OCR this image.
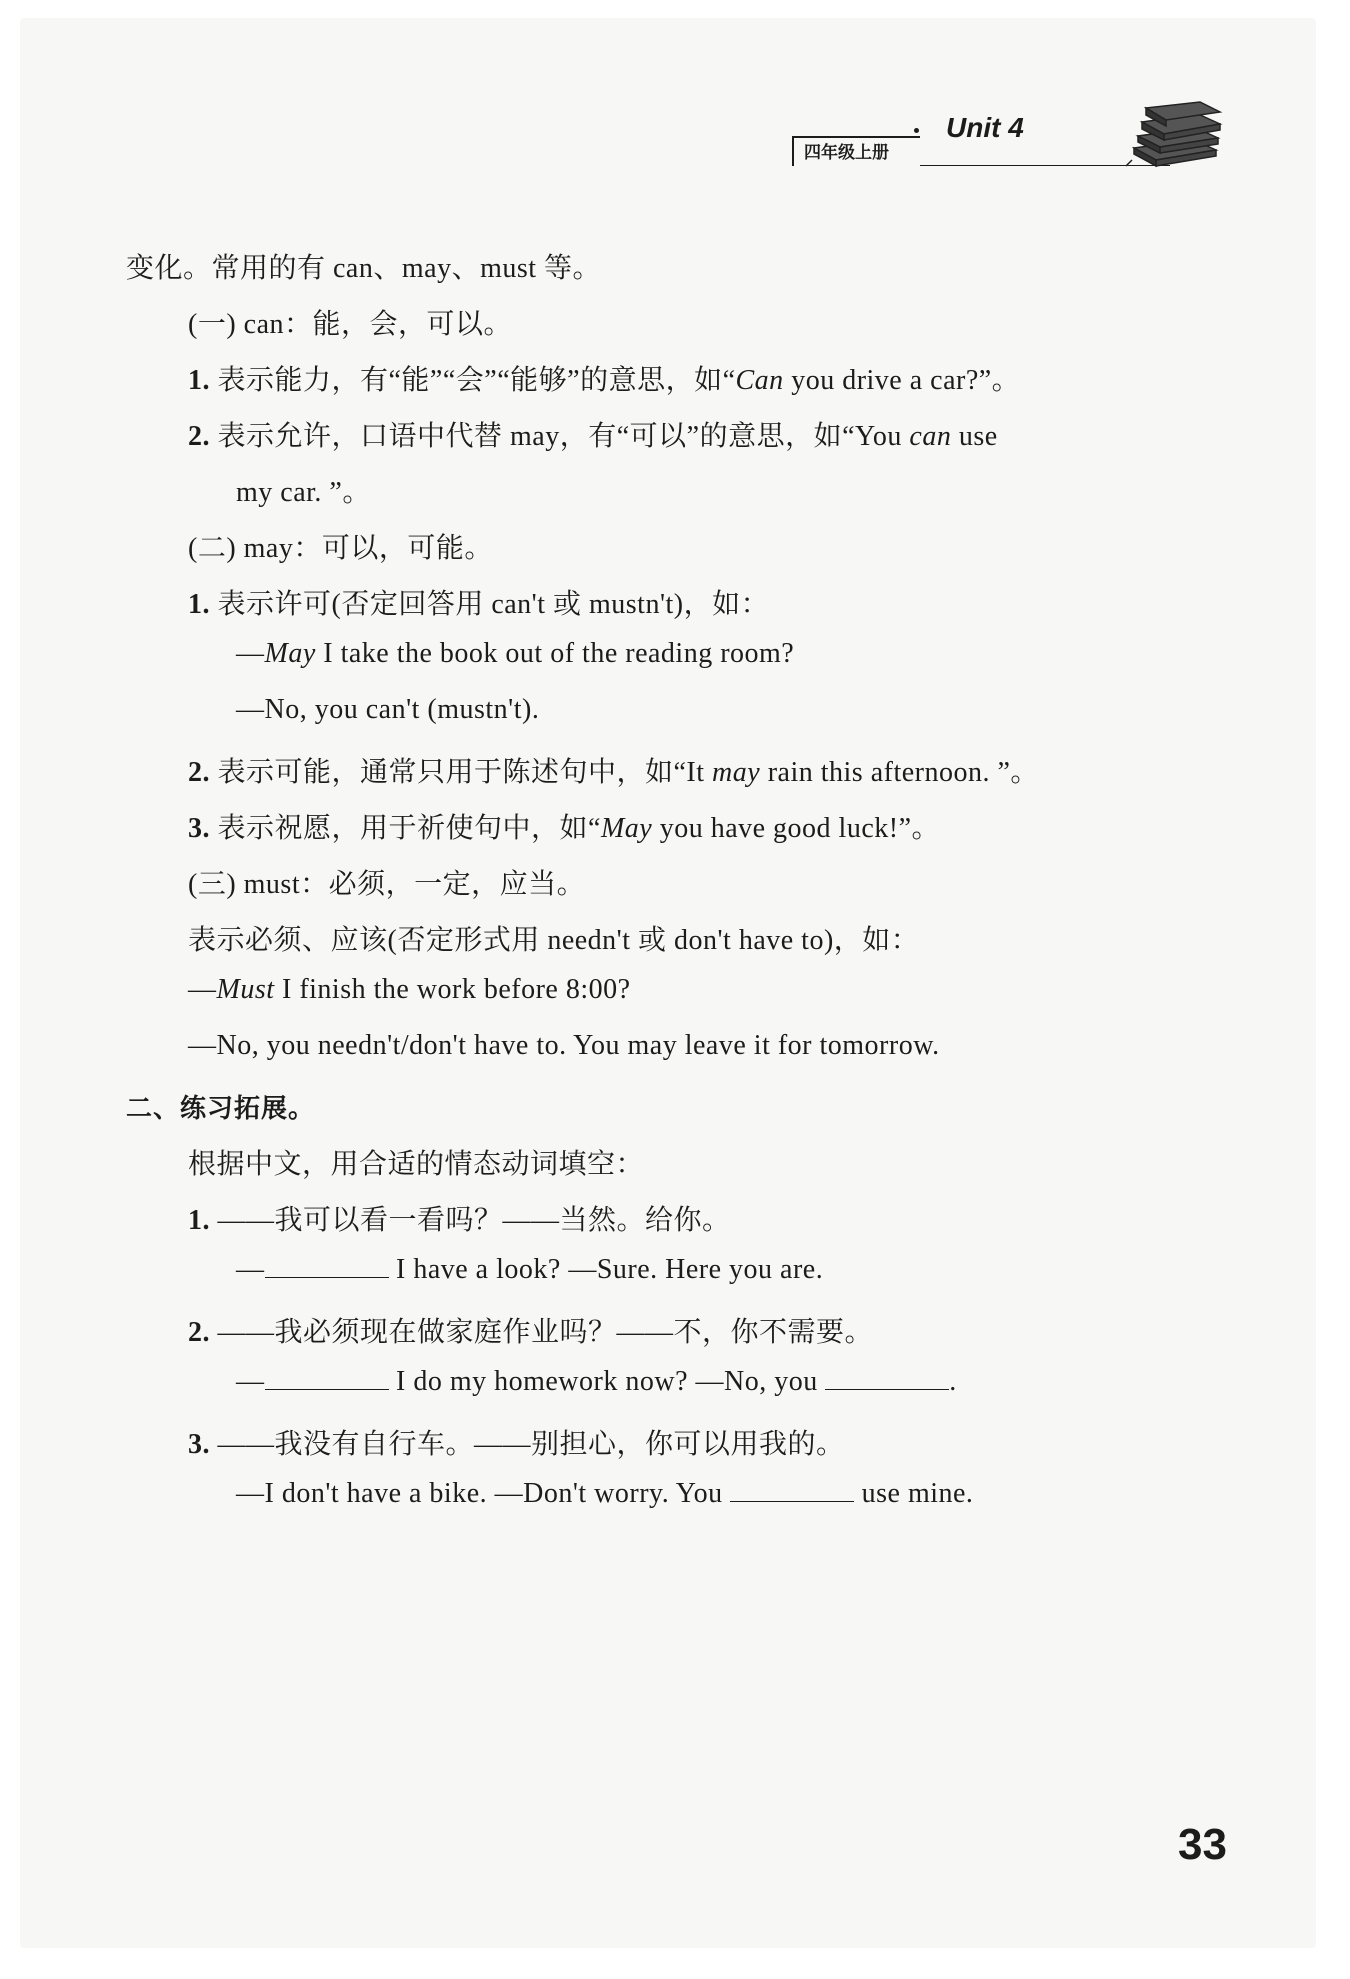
四年级上册
Unit 4
变化。常用的有 can、may、must 等。
(一) can：能，会，可以。
1. 表示能力，有“能”“会”“能够”的意思，如“Can you drive a car?”。
2. 表示允许，口语中代替 may，有“可以”的意思，如“You can use
my car. ”。
(二) may：可以，可能。
1. 表示许可(否定回答用 can't 或 mustn't)，如：
—May I take the book out of the reading room?
—No, you can't (mustn't).
2. 表示可能，通常只用于陈述句中，如“It may rain this afternoon. ”。
3. 表示祝愿，用于祈使句中，如“May you have good luck!”。
(三) must：必须，一定，应当。
表示必须、应该(否定形式用 needn't 或 don't have to)，如：
—Must I finish the work before 8:00?
—No, you needn't/don't have to. You may leave it for tomorrow.
二、练习拓展。
根据中文，用合适的情态动词填空：
1. ——我可以看一看吗？——当然。给你。
—	I have a look? —Sure. Here you are.
2. ——我必须现在做家庭作业吗？——不，你不需要。
—	I do my homework now? —No, you	.
3. ——我没有自行车。——别担心，你可以用我的。
—I don't have a bike. —Don't worry. You	use mine.
33
